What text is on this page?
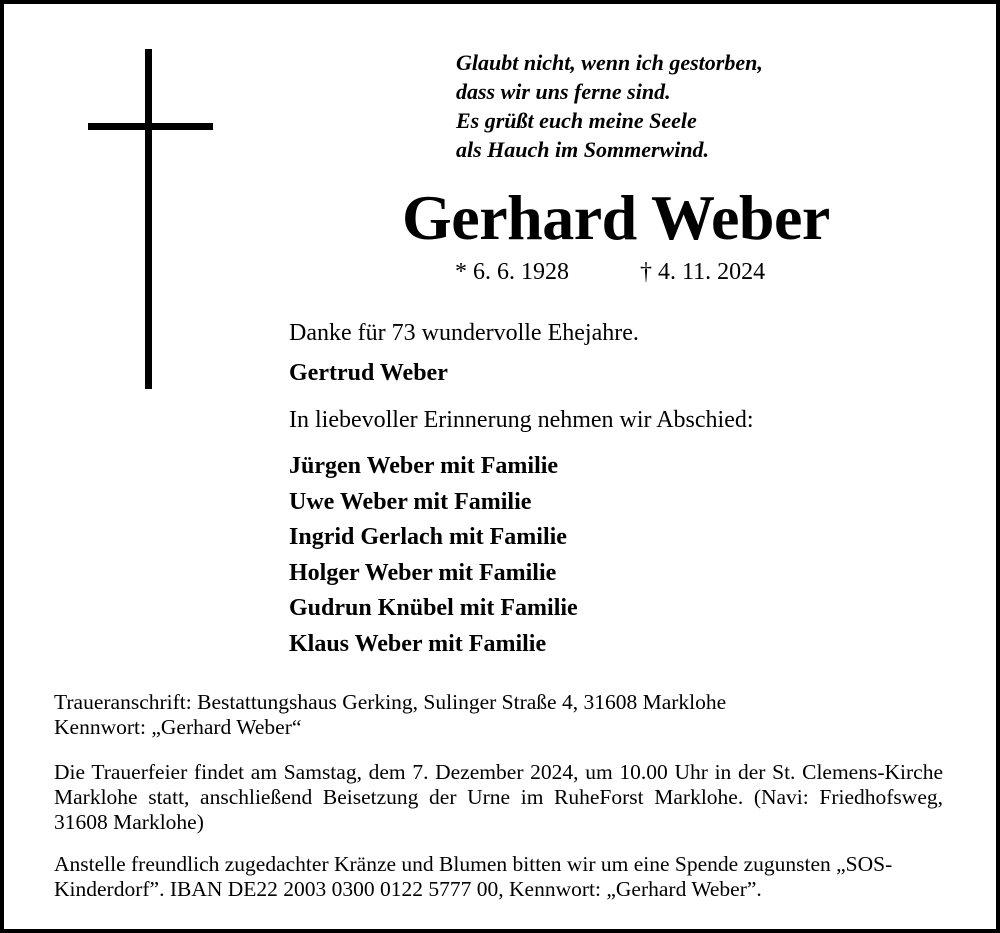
Glaubt nicht, wenn ich gestorben,
dass wir uns ferne sind.
Es grüßt euch meine Seele
als Hauch im Sommerwind.
Gerhard Weber
* 6. 6. 1928	† 4. 11. 2024
Danke für 73 wundervolle Ehejahre.
Gertrud Weber
In liebevoller Erinnerung nehmen wir Abschied:
Jürgen Weber mit Familie
Uwe Weber mit Familie
Ingrid Gerlach mit Familie
Holger Weber mit Familie
Gudrun Knübel mit Familie
Klaus Weber mit Familie
Traueranschrift: Bestattungshaus Gerking, Sulinger Straße 4, 31608 Marklohe
Kennwort: „Gerhard Weber“
Die Trauerfeier findet am Samstag, dem 7. Dezember 2024, um 10.00 Uhr in der St. Clemens-Kirche Marklohe statt, anschließend Beisetzung der Urne im RuheForst Marklohe. (Navi: Friedhofsweg, 31608 Marklohe)
Anstelle freundlich zugedachter Kränze und Blumen bitten wir um eine Spende zugunsten „SOS-Kinderdorf”. IBAN DE22 2003 0300 0122 5777 00, Kennwort: „Gerhard Weber”.
